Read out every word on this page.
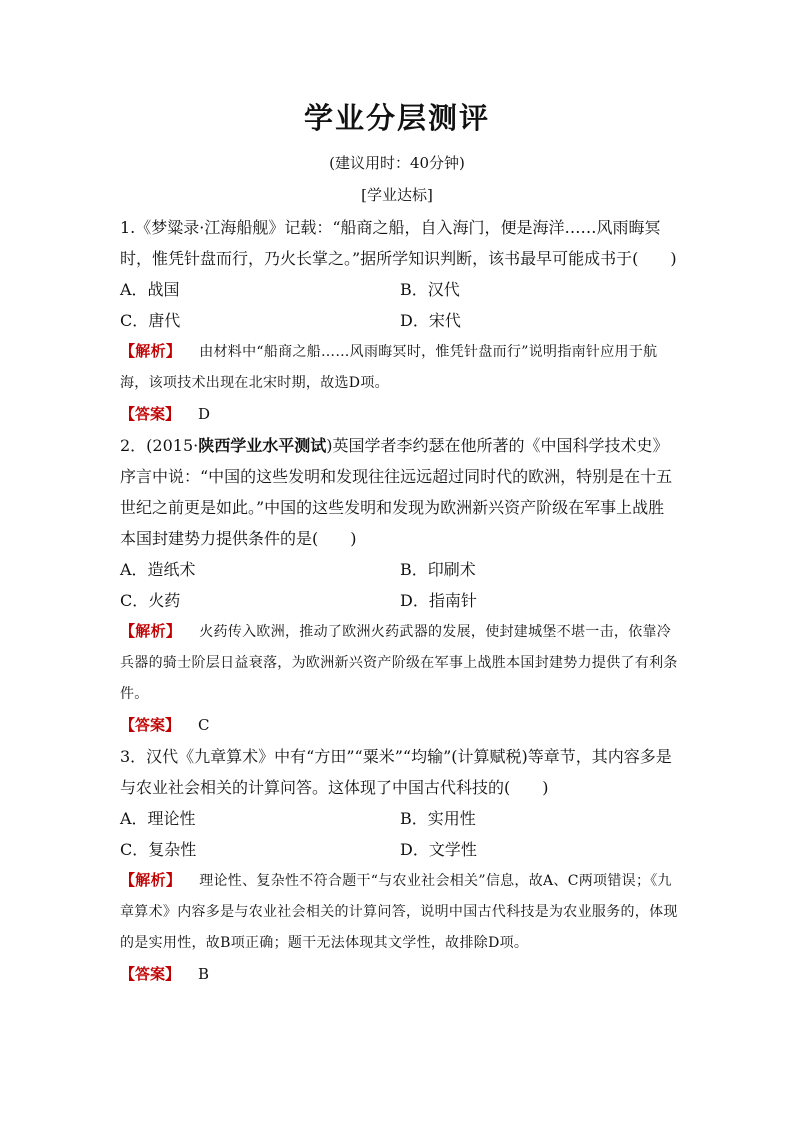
学业分层测评
(建议用时：40分钟)
[学业达标]

1.《梦粱录·江海船舰》记载：“船商之船，自入海门，便是海洋……风雨晦冥时，惟凭针盘而行，乃火长掌之。”据所学知识判断，该书最早可能成书于(　　)

A．战国	B．汉代
C．唐代	D．宋代

【解析】 由材料中“船商之船……风雨晦冥时，惟凭针盘而行”说明指南针应用于航海，该项技术出现在北宋时期，故选D项。

【答案】 D

2．(2015·陕西学业水平测试)英国学者李约瑟在他所著的《中国科学技术史》序言中说：“中国的这些发明和发现往往远远超过同时代的欧洲，特别是在十五世纪之前更是如此。”中国的这些发明和发现为欧洲新兴资产阶级在军事上战胜本国封建势力提供条件的是(　　)

A．造纸术	B．印刷术
C．火药	D．指南针

【解析】 火药传入欧洲，推动了欧洲火药武器的发展，使封建城堡不堪一击，依靠冷兵器的骑士阶层日益衰落，为欧洲新兴资产阶级在军事上战胜本国封建势力提供了有利条件。

【答案】 C

3．汉代《九章算术》中有“方田”“粟米”“均输”(计算赋税)等章节，其内容多是与农业社会相关的计算问答。这体现了中国古代科技的(　　)

A．理论性	B．实用性
C．复杂性	D．文学性

【解析】 理论性、复杂性不符合题干“与农业社会相关”信息，故A、C两项错误；《九章算术》内容多是与农业社会相关的计算问答，说明中国古代科技是为农业服务的，体现的是实用性，故B项正确；题干无法体现其文学性，故排除D项。

【答案】 B
